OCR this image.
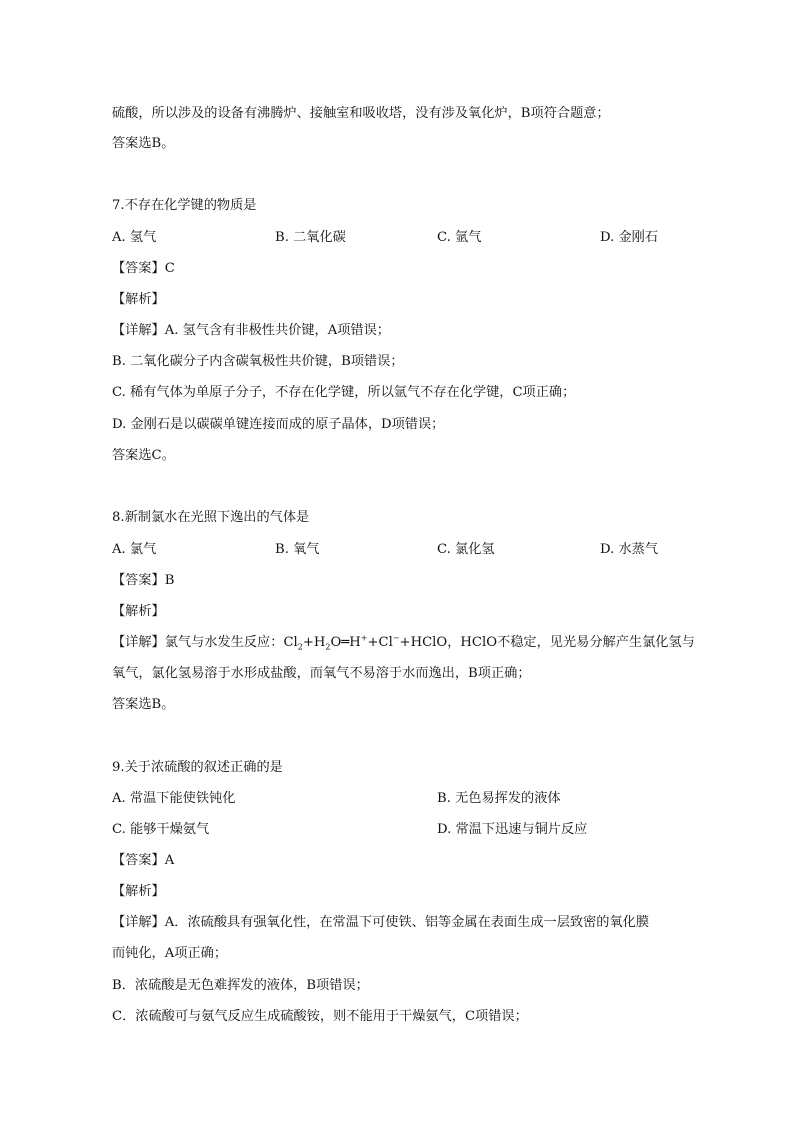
硫酸，所以涉及的设备有沸腾炉、接触室和吸收塔，没有涉及氧化炉，B项符合题意；
答案选B。
7.不存在化学键的物质是
A. 氢气	B. 二氧化碳	C. 氩气	D. 金刚石
【答案】C
【解析】
【详解】A. 氢气含有非极性共价键，A项错误；
B. 二氧化碳分子内含碳氧极性共价键，B项错误；
C. 稀有气体为单原子分子，不存在化学键，所以氩气不存在化学键，C项正确；
D. 金刚石是以碳碳单键连接而成的原子晶体，D项错误；
答案选C。
8.新制氯水在光照下逸出的气体是
A. 氯气	B. 氧气	C. 氯化氢	D. 水蒸气
【答案】B
【解析】
【详解】氯气与水发生反应：$Cl_2+H_2O═H^++Cl^-+HClO$，HClO不稳定，见光易分解产生氯化氢与
氧气，氯化氢易溶于水形成盐酸，而氧气不易溶于水而逸出，B项正确；
答案选B。
9.关于浓硫酸的叙述正确的是
A. 常温下能使铁钝化	B. 无色易挥发的液体
C. 能够干燥氨气	D. 常温下迅速与铜片反应
【答案】A
【解析】
【详解】A．浓硫酸具有强氧化性，在常温下可使铁、铝等金属在表面生成一层致密的氧化膜
而钝化，A项正确；
B．浓硫酸是无色难挥发的液体，B项错误；
C．浓硫酸可与氨气反应生成硫酸铵，则不能用于干燥氨气，C项错误；
